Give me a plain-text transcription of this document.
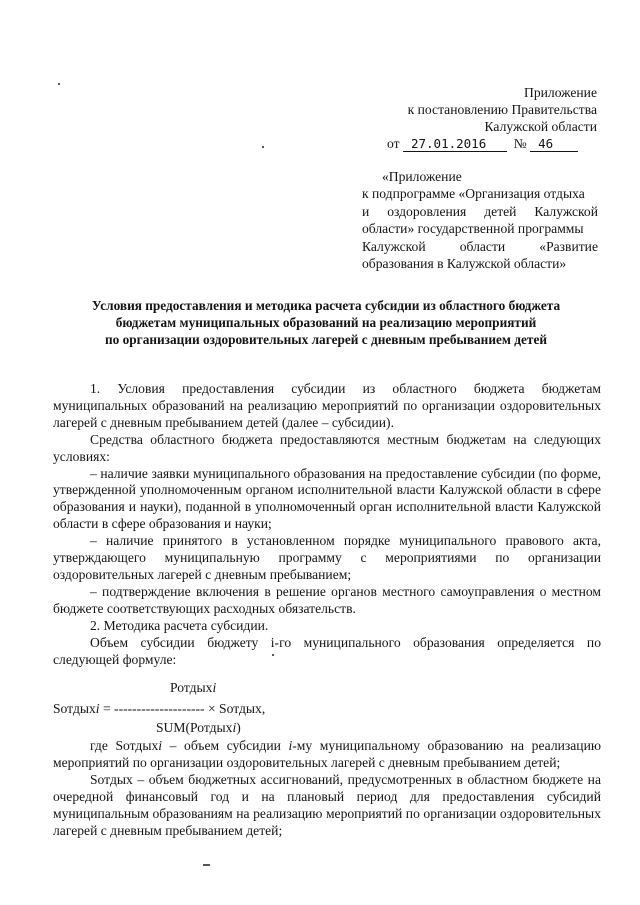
Приложение
к постановлению Правительства
Калужской области
от 27.01.2016 № 46
«Приложение
к подпрограмме «Организация отдыха
и оздоровления детей Калужской
области» государственной программы
Калужской области «Развитие
образования в Калужской области»
Условия предоставления и методика расчета субсидии из областного бюджета
бюджетам муниципальных образований на реализацию мероприятий
по организации оздоровительных лагерей с дневным пребыванием детей

1. Условия предоставления субсидии из областного бюджета бюджетам муниципальных образований на реализацию мероприятий по организации оздоровительных лагерей с дневным пребыванием детей (далее – субсидии).

Средства областного бюджета предоставляются местным бюджетам на следующих условиях:

– наличие заявки муниципального образования на предоставление субсидии (по форме, утвержденной уполномоченным органом исполнительной власти Калужской области в сфере образования и науки), поданной в уполномоченный орган исполнительной власти Калужской области в сфере образования и науки;

– наличие принятого в установленном порядке муниципального правового акта, утверждающего муниципальную программу с мероприятиями по организации оздоровительных лагерей с дневным пребыванием;

– подтверждение включения в решение органов местного самоуправления о местном бюджете соответствующих расходных обязательств.

2. Методика расчета субсидии.

Объем субсидии бюджету i-го муниципального образования определяется по следующей формуле:

Ротдыхi
Sотдыхi = -------------------- × Sотдых,
SUM(Ротдыхi)

где Sотдыхi – объем субсидии i-му муниципальному образованию на реализацию мероприятий по организации оздоровительных лагерей с дневным пребыванием детей;

Sотдых – объем бюджетных ассигнований, предусмотренных в областном бюджете на очередной финансовый год и на плановый период для предоставления субсидий муниципальным образованиям на реализацию мероприятий по организации оздоровительных лагерей с дневным пребыванием детей;
